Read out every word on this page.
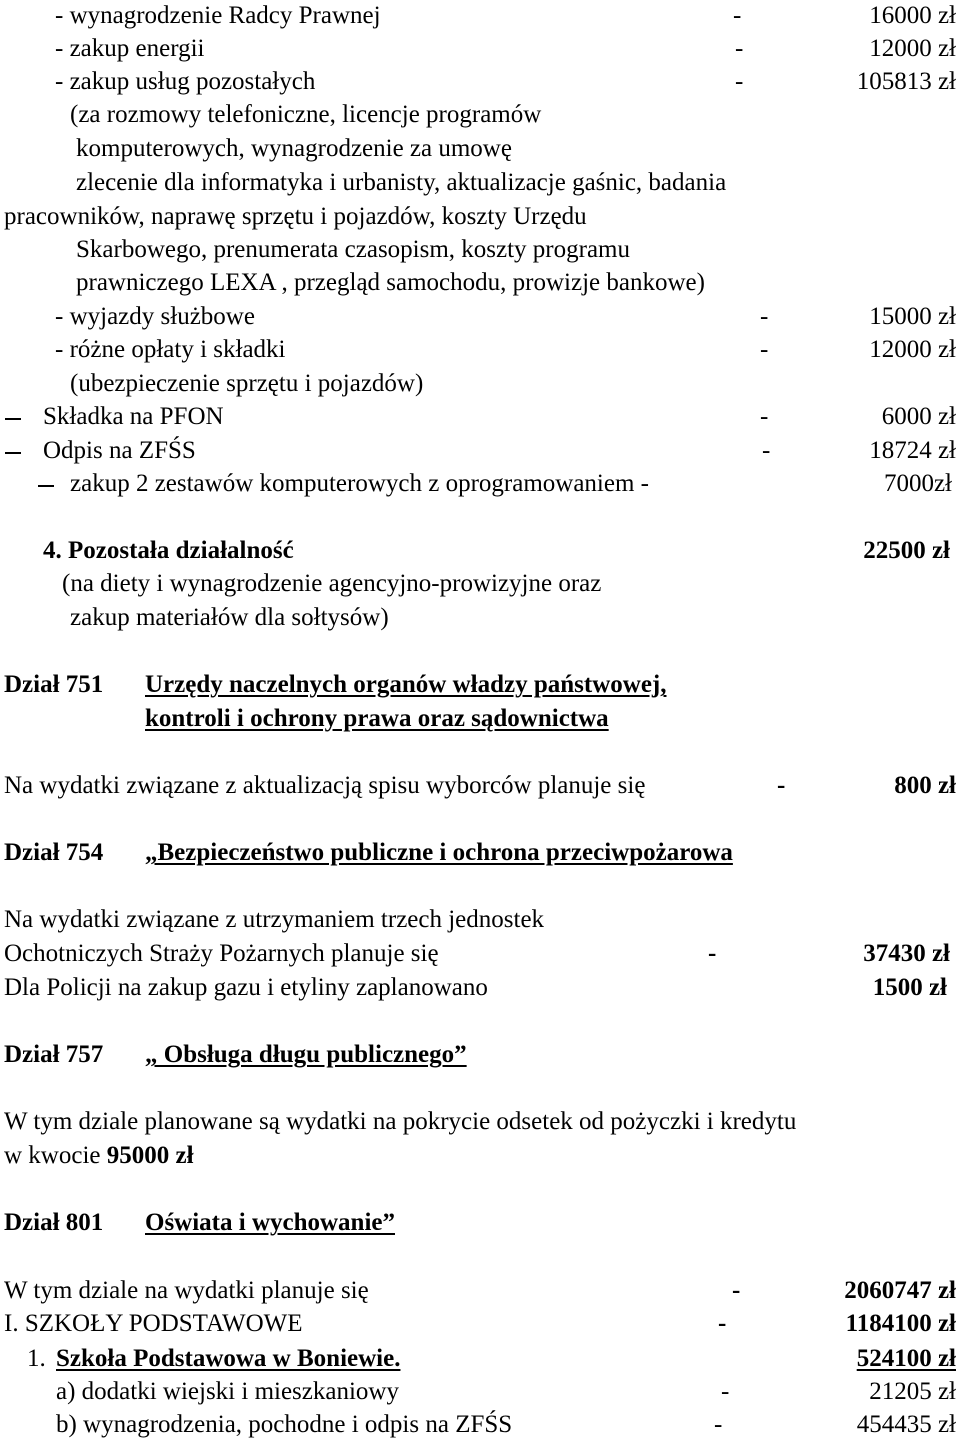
- wynagrodzenie Radcy Prawnej	-	16000 zł
- zakup energii	-	12000 zł
- zakup usług pozostałych	-	105813 zł
(za rozmowy telefoniczne, licencje programów
komputerowych, wynagrodzenie za umowę
zlecenie dla informatyka i urbanisty, aktualizacje gaśnic, badania
pracowników, naprawę sprzętu i pojazdów, koszty Urzędu
Skarbowego, prenumerata czasopism, koszty programu
prawniczego LEXA , przegląd samochodu, prowizje bankowe)
- wyjazdy służbowe	-	15000 zł
- różne opłaty i składki	-	12000 zł
(ubezpieczenie sprzętu i pojazdów)
Składka na PFON	-	6000 zł
Odpis na ZFŚS	-	18724 zł
zakup 2 zestawów komputerowych z oprogramowaniem -	7000zł
4. Pozostała działalność	22500 zł
(na diety i wynagrodzenie agencyjno-prowizyjne oraz
zakup materiałów dla sołtysów)
Dział 751 Urzędy naczelnych organów władzy państwowej,
kontroli i ochrony prawa oraz sądownictwa
Na wydatki związane z aktualizacją spisu wyborców planuje się	-	800 zł
Dział 754 „Bezpieczeństwo publiczne i ochrona przeciwpożarowa
Na wydatki związane z utrzymaniem trzech jednostek
Ochotniczych Straży Pożarnych planuje się	-	37430 zł
Dla Policji na zakup gazu i etyliny zaplanowano	1500 zł
Dział 757 „ Obsługa długu publicznego”
W tym dziale planowane są wydatki na pokrycie odsetek od pożyczki i kredytu
w kwocie 95000 zł
Dział 801 Oświata i wychowanie”
W tym dziale na wydatki planuje się	-	2060747 zł
I. SZKOŁY PODSTAWOWE	-	1184100 zł
1. Szkoła Podstawowa w Boniewie.	524100 zł
a) dodatki wiejski i mieszkaniowy	-	21205 zł
b) wynagrodzenia, pochodne i odpis na ZFŚS	-	454435 zł
